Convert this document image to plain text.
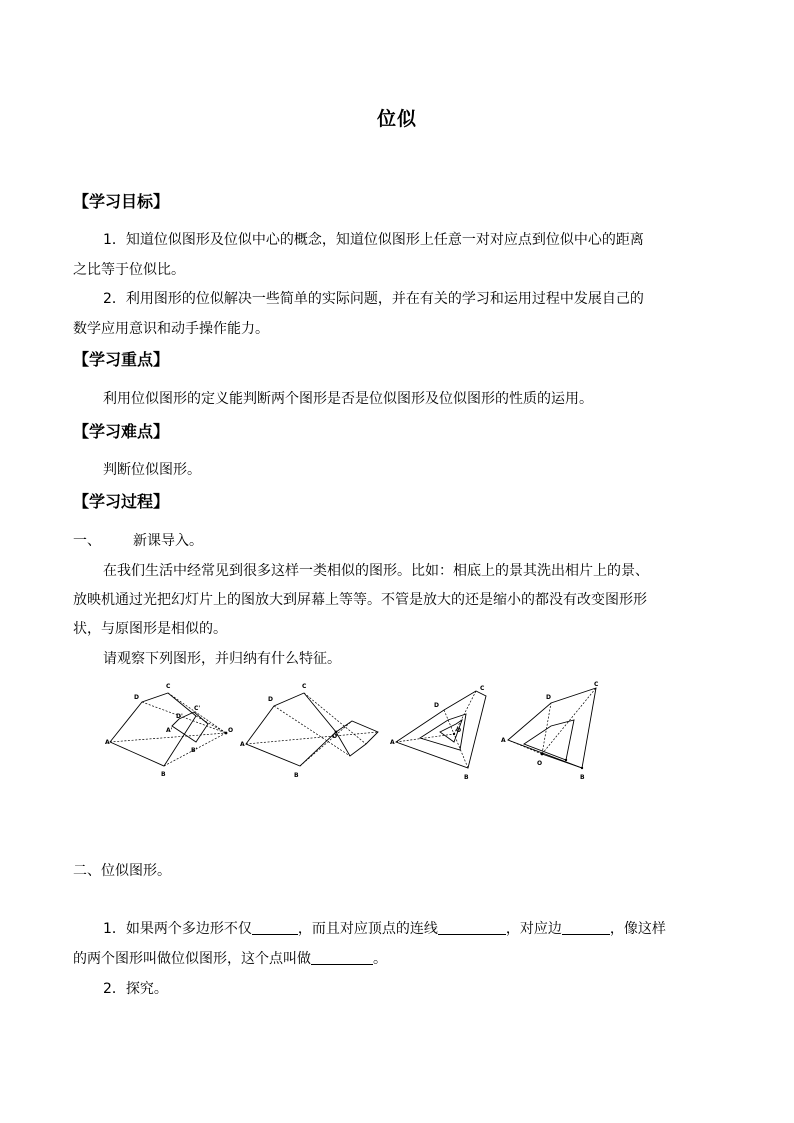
位似
【学习目标】
1．知道位似图形及位似中心的概念，知道位似图形上任意一对对应点到位似中心的距离
之比等于位似比。
2．利用图形的位似解决一些简单的实际问题，并在有关的学习和运用过程中发展自己的
数学应用意识和动手操作能力。
【学习重点】
利用位似图形的定义能判断两个图形是否是位似图形及位似图形的性质的运用。
【学习难点】
判断位似图形。
【学习过程】
一、 新课导入。
在我们生活中经常见到很多这样一类相似的图形。比如：相底上的景其洗出相片上的景、
放映机通过光把幻灯片上的图放大到屏幕上等等。不管是放大的还是缩小的都没有改变图形形
状，与原图形是相似的。
请观察下列图形，并归纳有什么特征。
D
C
A
B
B'
C'
D'
A'	O
A
C
B
D
O
D
C
A
B
O
D
C
A
O
B
二、位似图形。
1．如果两个多边形不仅	，而且对应顶点的连线	，对应边	，像这样
的两个图形叫做位似图形，这个点叫做	。
2．探究。
